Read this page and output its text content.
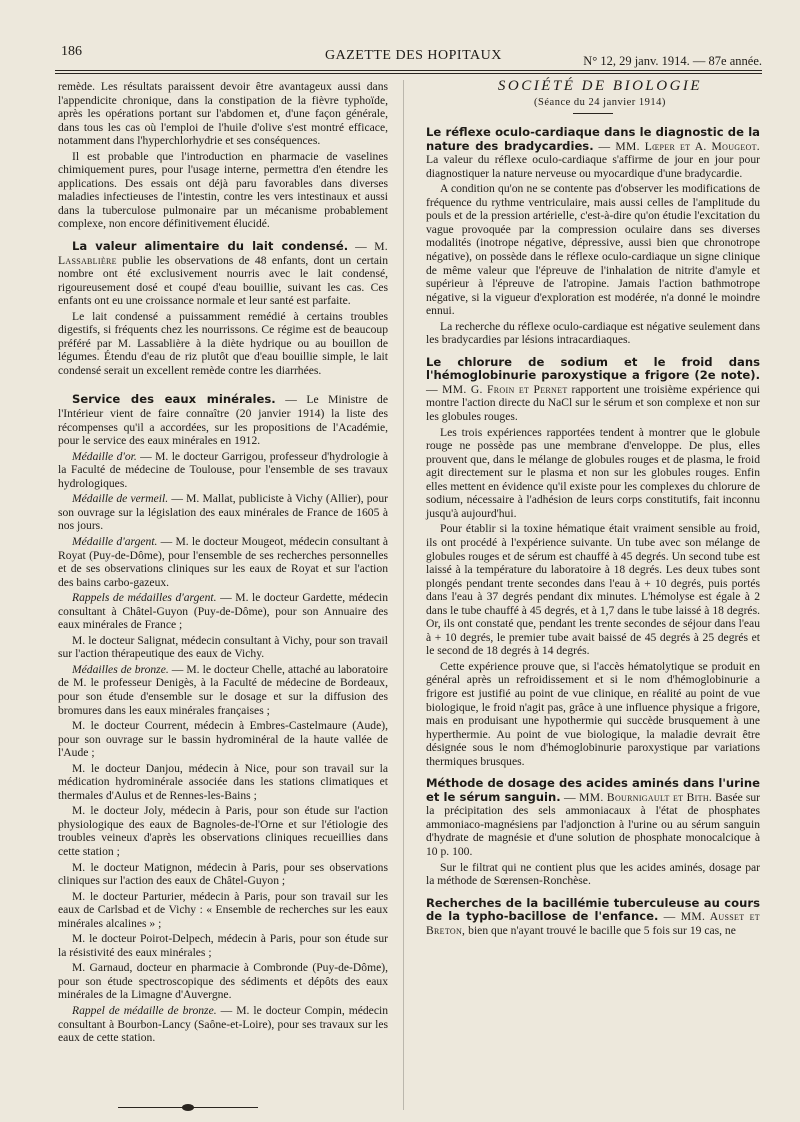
186	GAZETTE DES HOPITAUX	N° 12, 29 janv. 1914. — 87e année.

remède. Les résultats paraissent devoir être avantageux aussi dans l'appendicite chronique, dans la constipation de la fièvre typhoïde, après les opérations portant sur l'abdomen et, d'une façon générale, dans tous les cas où l'emploi de l'huile d'olive s'est montré efficace, notamment dans l'hyperchlorhydrie et ses conséquences.

Il est probable que l'introduction en pharmacie de vaselines chimiquement pures, pour l'usage interne, permettra d'en étendre les applications. Des essais ont déjà paru favorables dans diverses maladies infectieuses de l'intestin, contre les vers intestinaux et aussi dans la tuberculose pulmonaire par un mécanisme probablement complexe, non encore définitivement élucidé.

La valeur alimentaire du lait condensé. — M. Lassablière publie les observations de 48 enfants, dont un certain nombre ont été exclusivement nourris avec le lait condensé, rigoureusement dosé et coupé d'eau bouillie, suivant les cas. Ces enfants ont eu une croissance normale et leur santé est parfaite.

Le lait condensé a puissamment remédié à certains troubles digestifs, si fréquents chez les nourrissons. Ce régime est de beaucoup préféré par M. Lassablière à la diète hydrique ou au bouillon de légumes. Étendu d'eau de riz plutôt que d'eau bouillie simple, le lait condensé serait un excellent remède contre les diarrhées.

Service des eaux minérales. — Le Ministre de l'Intérieur vient de faire connaître (20 janvier 1914) la liste des récompenses qu'il a accordées, sur les propositions de l'Académie, pour le service des eaux minérales en 1912.

Médaille d'or. — M. le docteur Garrigou, professeur d'hydrologie à la Faculté de médecine de Toulouse, pour l'ensemble de ses travaux hydrologiques.

Médaille de vermeil. — M. Mallat, publiciste à Vichy (Allier), pour son ouvrage sur la législation des eaux minérales de France de 1605 à nos jours.

Médaille d'argent. — M. le docteur Mougeot, médecin consultant à Royat (Puy-de-Dôme), pour l'ensemble de ses recherches personnelles et de ses observations cliniques sur les eaux de Royat et sur l'action des bains carbo-gazeux.

Rappels de médailles d'argent. — M. le docteur Gardette, médecin consultant à Châtel-Guyon (Puy-de-Dôme), pour son Annuaire des eaux minérales de France ;

M. le docteur Salignat, médecin consultant à Vichy, pour son travail sur l'action thérapeutique des eaux de Vichy.

Médailles de bronze. — M. le docteur Chelle, attaché au laboratoire de M. le professeur Denigès, à la Faculté de médecine de Bordeaux, pour son étude d'ensemble sur le dosage et sur la diffusion des bromures dans les eaux minérales françaises ;

M. le docteur Courrent, médecin à Embres-Castelmaure (Aude), pour son ouvrage sur le bassin hydrominéral de la haute vallée de l'Aude ;

M. le docteur Danjou, médecin à Nice, pour son travail sur la médication hydrominérale associée dans les stations climatiques et thermales d'Aulus et de Rennes-les-Bains ;

M. le docteur Joly, médecin à Paris, pour son étude sur l'action physiologique des eaux de Bagnoles-de-l'Orne et sur l'étiologie des troubles veineux d'après les observations cliniques recueillies dans cette station ;

M. le docteur Matignon, médecin à Paris, pour ses observations cliniques sur l'action des eaux de Châtel-Guyon ;

M. le docteur Parturier, médecin à Paris, pour son travail sur les eaux de Carlsbad et de Vichy : « Ensemble de recherches sur les eaux minérales alcalines » ;

M. le docteur Poirot-Delpech, médecin à Paris, pour son étude sur la résistivité des eaux minérales ;

M. Garnaud, docteur en pharmacie à Combronde (Puy-de-Dôme), pour son étude spectroscopique des sédiments et dépôts des eaux minérales de la Limagne d'Auvergne.

Rappel de médaille de bronze. — M. le docteur Compin, médecin consultant à Bourbon-Lancy (Saône-et-Loire), pour ses travaux sur les eaux de cette station.

SOCIÉTÉ DE BIOLOGIE

(Séance du 24 janvier 1914)

Le réflexe oculo-cardiaque dans le diagnostic de la nature des bradycardies. — MM. Lœper et A. Mougeot. La valeur du réflexe oculo-cardiaque s'affirme de jour en jour pour diagnostiquer la nature nerveuse ou myocardique d'une bradycardie.

A condition qu'on ne se contente pas d'observer les modifications de fréquence du rythme ventriculaire, mais aussi celles de l'amplitude du pouls et de la pression artérielle, c'est-à-dire qu'on étudie l'excitation du vague provoquée par la compression oculaire dans ses diverses modalités (inotrope négative, dépressive, aussi bien que chronotrope négative), on possède dans le réflexe oculo-cardiaque un signe clinique de même valeur que l'épreuve de l'inhalation de nitrite d'amyle et supérieur à l'épreuve de l'atropine. Jamais l'action bathmotrope négative, si la vigueur d'exploration est modérée, n'a donné le moindre ennui.

La recherche du réflexe oculo-cardiaque est négative seulement dans les bradycardies par lésions intracardiaques.

Le chlorure de sodium et le froid dans l'hémoglobinurie paroxystique a frigore (2e note). — MM. G. Froin et Pernet rapportent une troisième expérience qui montre l'action directe du NaCl sur le sérum et son complexe et non sur les globules rouges.

Les trois expériences rapportées tendent à montrer que le globule rouge ne possède pas une membrane d'enveloppe. De plus, elles prouvent que, dans le mélange de globules rouges et de plasma, le froid agit directement sur le plasma et non sur les globules rouges. Enfin elles mettent en évidence qu'il existe pour les complexes du chlorure de sodium, nécessaire à l'adhésion de leurs corps constitutifs, fait inconnu jusqu'à aujourd'hui.

Pour établir si la toxine hématique était vraiment sensible au froid, ils ont procédé à l'expérience suivante. Un tube avec son mélange de globules rouges et de sérum est chauffé à 45 degrés. Un second tube est laissé à la température du laboratoire à 18 degrés. Les deux tubes sont plongés pendant trente secondes dans l'eau à + 10 degrés, puis portés dans l'eau à 37 degrés pendant dix minutes. L'hémolyse est égale à 2 dans le tube chauffé à 45 degrés, et à 1,7 dans le tube laissé à 18 degrés. Or, ils ont constaté que, pendant les trente secondes de séjour dans l'eau à + 10 degrés, le premier tube avait baissé de 45 degrés à 25 degrés et le second de 18 degrés à 14 degrés.

Cette expérience prouve que, si l'accès hématolytique se produit en général après un refroidissement et si le nom d'hémoglobinurie a frigore est justifié au point de vue clinique, en réalité au point de vue biologique, le froid n'agit pas, grâce à une influence physique a frigore, mais en produisant une hypothermie qui succède brusquement à une hyperthermie. Au point de vue biologique, la maladie devrait être désignée sous le nom d'hémoglobinurie paroxystique par variations thermiques brusques.

Méthode de dosage des acides aminés dans l'urine et le sérum sanguin. — MM. Bournigault et Bith. Basée sur la précipitation des sels ammoniacaux à l'état de phosphates ammoniaco-magnésiens par l'adjonction à l'urine ou au sérum sanguin d'hydrate de magnésie et d'une solution de phosphate monocalcique à 10 p. 100.

Sur le filtrat qui ne contient plus que les acides aminés, dosage par la méthode de Sœrensen-Ronchèse.

Recherches de la bacillémie tuberculeuse au cours de la typho-bacillose de l'enfance. — MM. Ausset et Breton, bien que n'ayant trouvé le bacille que 5 fois sur 19 cas, ne
